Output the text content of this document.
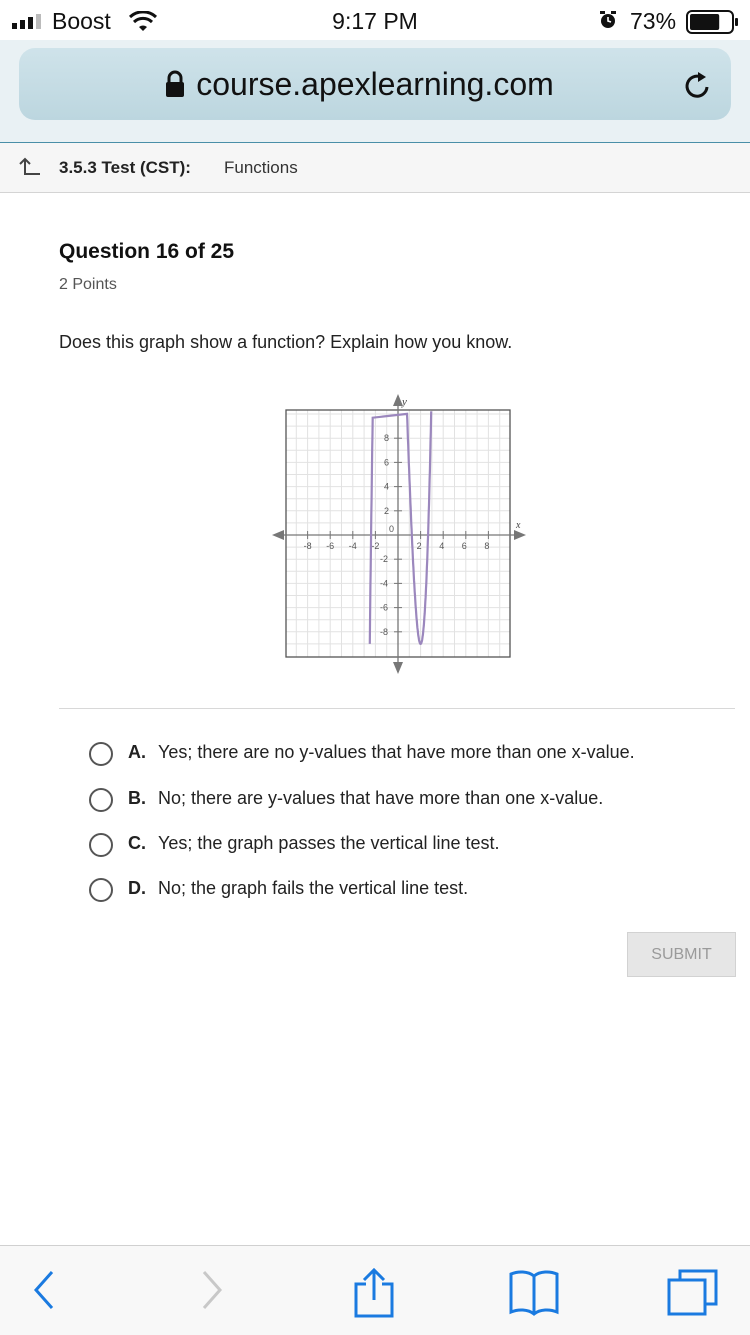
Boost	9:17 PM	73%
course.apexlearning.com
3.5.3 Test (CST): Functions
Question 16 of 25
2 Points
Does this graph show a function? Explain how you know.
-8 -6 -4 -2
0
2 4 6 8
8
6
4
2
-2
-4
-6
-8
x
y
A. Yes; there are no y-values that have more than one x-value.
B. No; there are y-values that have more than one x-value.
C. Yes; the graph passes the vertical line test.
D. No; the graph fails the vertical line test.
SUBMIT
